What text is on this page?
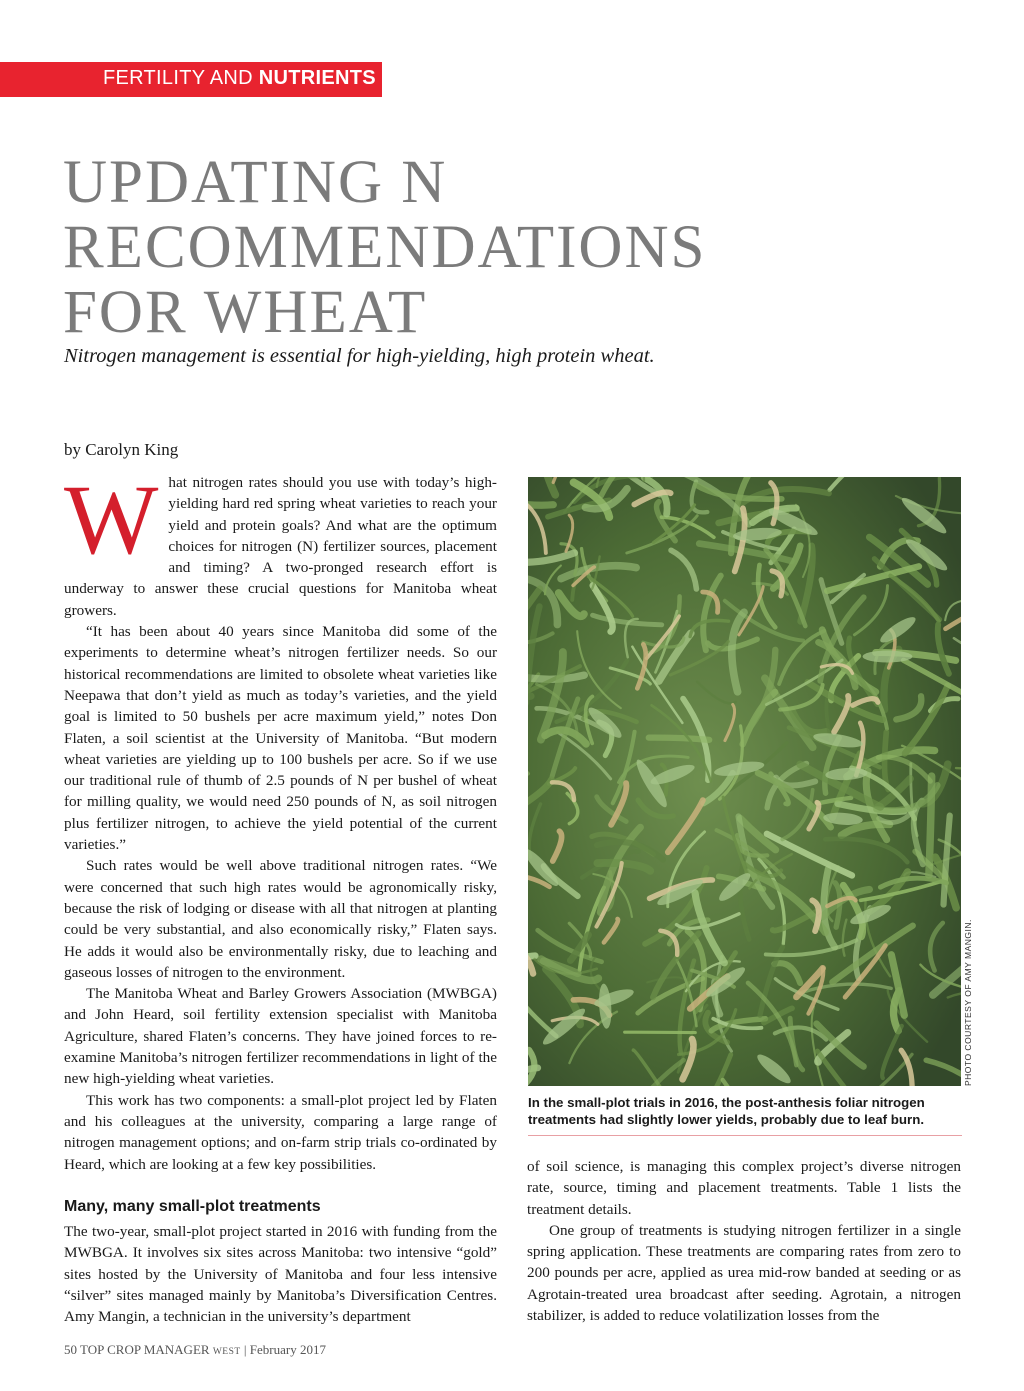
FERTILITY AND NUTRIENTS
UPDATING N
RECOMMENDATIONS
FOR WHEAT

Nitrogen management is essential for high-yielding, high protein wheat.

by Carolyn King

What nitrogen rates should you use with today’s high-yielding hard red spring wheat varieties to reach your yield and protein goals? And what are the optimum choices for nitrogen (N) fertilizer sources, placement and timing? A two-pronged research effort is underway to answer these crucial questions for Manitoba wheat growers.

“It has been about 40 years since Manitoba did some of the experiments to determine wheat’s nitrogen fertilizer needs. So our historical recommendations are limited to obsolete wheat varieties like Neepawa that don’t yield as much as today’s varieties, and the yield goal is limited to 50 bushels per acre maximum yield,” notes Don Flaten, a soil scientist at the University of Manitoba. “But modern wheat varieties are yielding up to 100 bushels per acre. So if we use our traditional rule of thumb of 2.5 pounds of N per bushel of wheat for milling quality, we would need 250 pounds of N, as soil nitrogen plus fertilizer nitrogen, to achieve the yield potential of the current varieties.”

Such rates would be well above traditional nitrogen rates. “We were concerned that such high rates would be agronomically risky, because the risk of lodging or disease with all that nitrogen at planting could be very substantial, and also economically risky,” Flaten says. He adds it would also be environmentally risky, due to leaching and gaseous losses of nitrogen to the environment.

The Manitoba Wheat and Barley Growers Association (MWBGA) and John Heard, soil fertility extension specialist with Manitoba Agriculture, shared Flaten’s concerns. They have joined forces to re-examine Manitoba’s nitrogen fertilizer recommendations in light of the new high-yielding wheat varieties.

This work has two components: a small-plot project led by Flaten and his colleagues at the university, comparing a large range of nitrogen management options; and on-farm strip trials co-ordinated by Heard, which are looking at a few key possibilities.

Many, many small-plot treatments

The two-year, small-plot project started in 2016 with funding from the MWBGA. It involves six sites across Manitoba: two intensive “gold” sites hosted by the University of Manitoba and four less intensive “silver” sites managed mainly by Manitoba’s Diversification Centres. Amy Mangin, a technician in the university’s department

PHOTO COURTESY OF AMY MANGIN.

In the small-plot trials in 2016, the post-anthesis foliar nitrogen treatments had slightly lower yields, probably due to leaf burn.

of soil science, is managing this complex project’s diverse nitrogen rate, source, timing and placement treatments. Table 1 lists the treatment details.

One group of treatments is studying nitrogen fertilizer in a single spring application. These treatments are comparing rates from zero to 200 pounds per acre, applied as urea mid-row banded at seeding or as Agrotain-treated urea broadcast after seeding. Agrotain, a nitrogen stabilizer, is added to reduce volatilization losses from the

50 TOP CROP MANAGER WEST | February 2017
